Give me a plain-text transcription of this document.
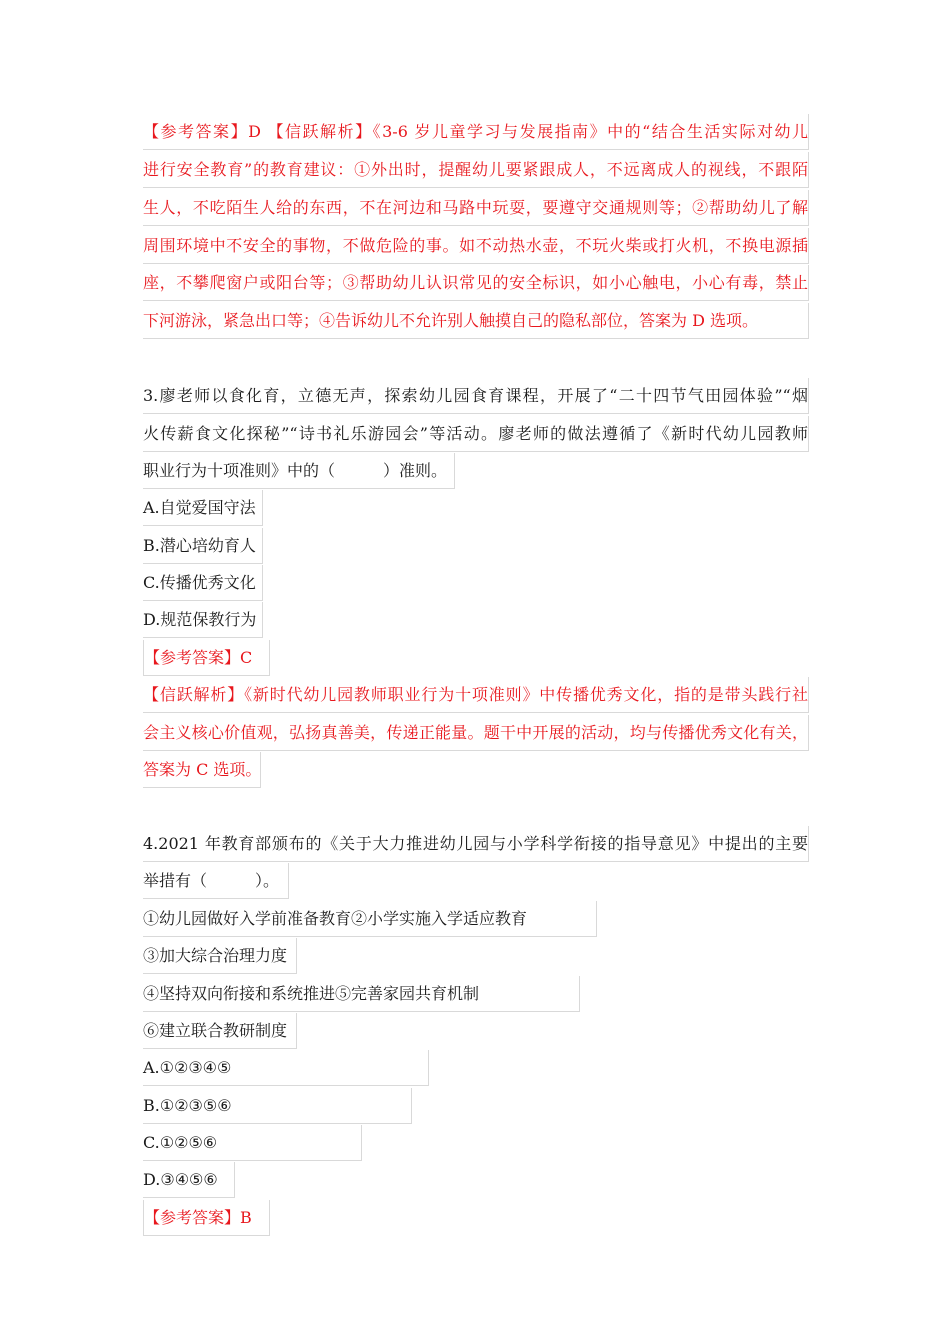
【参考答案】D 【信跃解析】《3-6 岁儿童学习与发展指南》中的“结合生活实际对幼儿
进行安全教育”的教育建议：①外出时，提醒幼儿要紧跟成人，不远离成人的视线，不跟陌
生人，不吃陌生人给的东西，不在河边和马路中玩耍，要遵守交通规则等；②帮助幼儿了解
周围环境中不安全的事物，不做危险的事。如不动热水壶，不玩火柴或打火机，不换电源插
座，不攀爬窗户或阳台等；③帮助幼儿认识常见的安全标识，如小心触电，小心有毒，禁止
下河游泳，紧急出口等；④告诉幼儿不允许别人触摸自己的隐私部位，答案为 D 选项。
3.廖老师以食化育，立德无声，探索幼儿园食育课程，开展了“二十四节气田园体验”“烟
火传薪食文化探秘”“诗书礼乐游园会”等活动。廖老师的做法遵循了《新时代幼儿园教师
职业行为十项准则》中的（　　　）准则。
A.自觉爱国守法
B.潜心培幼育人
C.传播优秀文化
D.规范保教行为
【参考答案】C
【信跃解析】《新时代幼儿园教师职业行为十项准则》中传播优秀文化，指的是带头践行社
会主义核心价值观，弘扬真善美，传递正能量。题干中开展的活动，均与传播优秀文化有关，
答案为 C 选项。
4.2021 年教育部颁布的《关于大力推进幼儿园与小学科学衔接的指导意见》中提出的主要
举措有（　　　）。
①幼儿园做好入学前准备教育②小学实施入学适应教育
③加大综合治理力度
④坚持双向衔接和系统推进⑤完善家园共育机制
⑥建立联合教研制度
A.①②③④⑤
B.①②③⑤⑥
C.①②⑤⑥
D.③④⑤⑥
【参考答案】B
